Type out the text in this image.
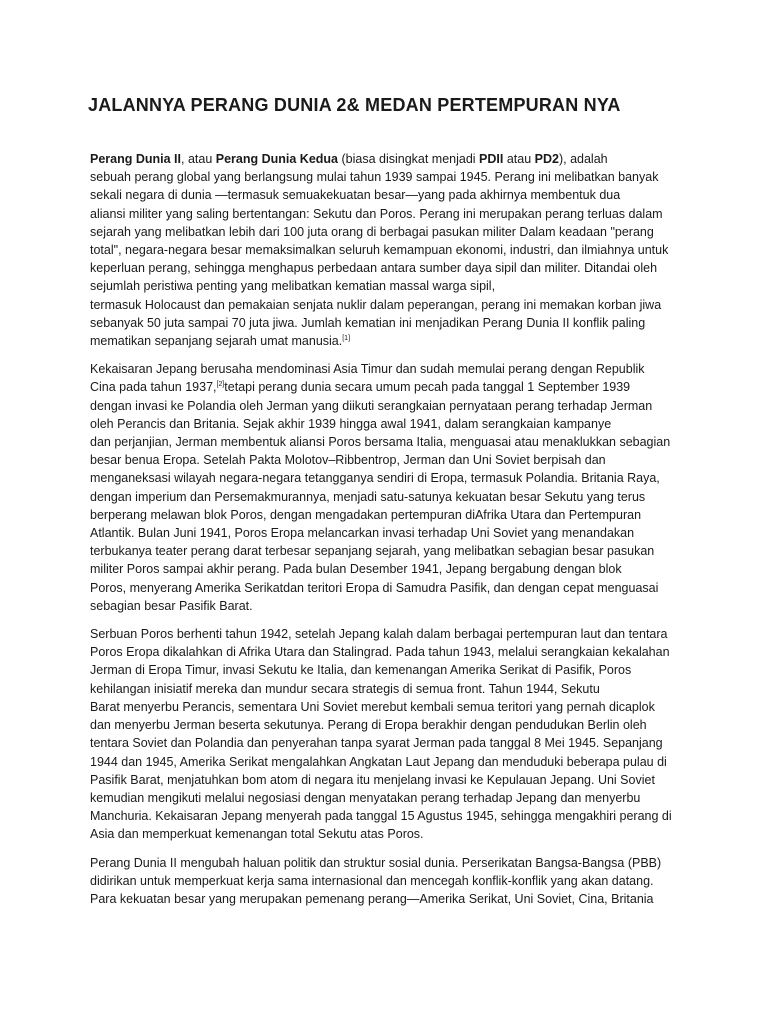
JALANNYA PERANG DUNIA 2& MEDAN PERTEMPURAN NYA

Perang Dunia II, atau Perang Dunia Kedua (biasa disingkat menjadi PDII atau PD2), adalah
sebuah perang global yang berlangsung mulai tahun 1939 sampai 1945. Perang ini melibatkan banyak
sekali negara di dunia —termasuk semuakekuatan besar—yang pada akhirnya membentuk dua
aliansi militer yang saling bertentangan: Sekutu dan Poros. Perang ini merupakan perang terluas dalam
sejarah yang melibatkan lebih dari 100 juta orang di berbagai pasukan militer Dalam keadaan "perang
total", negara-negara besar memaksimalkan seluruh kemampuan ekonomi, industri, dan ilmiahnya untuk
keperluan perang, sehingga menghapus perbedaan antara sumber daya sipil dan militer. Ditandai oleh
sejumlah peristiwa penting yang melibatkan kematian massal warga sipil,
termasuk Holocaust dan pemakaian senjata nuklir dalam peperangan, perang ini memakan korban jiwa
sebanyak 50 juta sampai 70 juta jiwa. Jumlah kematian ini menjadikan Perang Dunia II konflik paling
mematikan sepanjang sejarah umat manusia.[1]

Kekaisaran Jepang berusaha mendominasi Asia Timur dan sudah memulai perang dengan Republik
Cina pada tahun 1937,[2]tetapi perang dunia secara umum pecah pada tanggal 1 September 1939
dengan invasi ke Polandia oleh Jerman yang diikuti serangkaian pernyataan perang terhadap Jerman
oleh Perancis dan Britania. Sejak akhir 1939 hingga awal 1941, dalam serangkaian kampanye
dan perjanjian, Jerman membentuk aliansi Poros bersama Italia, menguasai atau menaklukkan sebagian
besar benua Eropa. Setelah Pakta Molotov–Ribbentrop, Jerman dan Uni Soviet berpisah dan
menganeksasi wilayah negara-negara tetangganya sendiri di Eropa, termasuk Polandia. Britania Raya,
dengan imperium dan Persemakmurannya, menjadi satu-satunya kekuatan besar Sekutu yang terus
berperang melawan blok Poros, dengan mengadakan pertempuran diAfrika Utara dan Pertempuran
Atlantik. Bulan Juni 1941, Poros Eropa melancarkan invasi terhadap Uni Soviet yang menandakan
terbukanya teater perang darat terbesar sepanjang sejarah, yang melibatkan sebagian besar pasukan
militer Poros sampai akhir perang. Pada bulan Desember 1941, Jepang bergabung dengan blok
Poros, menyerang Amerika Serikatdan teritori Eropa di Samudra Pasifik, dan dengan cepat menguasai
sebagian besar Pasifik Barat.

Serbuan Poros berhenti tahun 1942, setelah Jepang kalah dalam berbagai pertempuran laut dan tentara
Poros Eropa dikalahkan di Afrika Utara dan Stalingrad. Pada tahun 1943, melalui serangkaian kekalahan
Jerman di Eropa Timur, invasi Sekutu ke Italia, dan kemenangan Amerika Serikat di Pasifik, Poros
kehilangan inisiatif mereka dan mundur secara strategis di semua front. Tahun 1944, Sekutu
Barat menyerbu Perancis, sementara Uni Soviet merebut kembali semua teritori yang pernah dicaplok
dan menyerbu Jerman beserta sekutunya. Perang di Eropa berakhir dengan pendudukan Berlin oleh
tentara Soviet dan Polandia dan penyerahan tanpa syarat Jerman pada tanggal 8 Mei 1945. Sepanjang
1944 dan 1945, Amerika Serikat mengalahkan Angkatan Laut Jepang dan menduduki beberapa pulau di
Pasifik Barat, menjatuhkan bom atom di negara itu menjelang invasi ke Kepulauan Jepang. Uni Soviet
kemudian mengikuti melalui negosiasi dengan menyatakan perang terhadap Jepang dan menyerbu
Manchuria. Kekaisaran Jepang menyerah pada tanggal 15 Agustus 1945, sehingga mengakhiri perang di
Asia dan memperkuat kemenangan total Sekutu atas Poros.

Perang Dunia II mengubah haluan politik dan struktur sosial dunia. Perserikatan Bangsa-Bangsa (PBB)
didirikan untuk memperkuat kerja sama internasional dan mencegah konflik-konflik yang akan datang.
Para kekuatan besar yang merupakan pemenang perang—Amerika Serikat, Uni Soviet, Cina, Britania
